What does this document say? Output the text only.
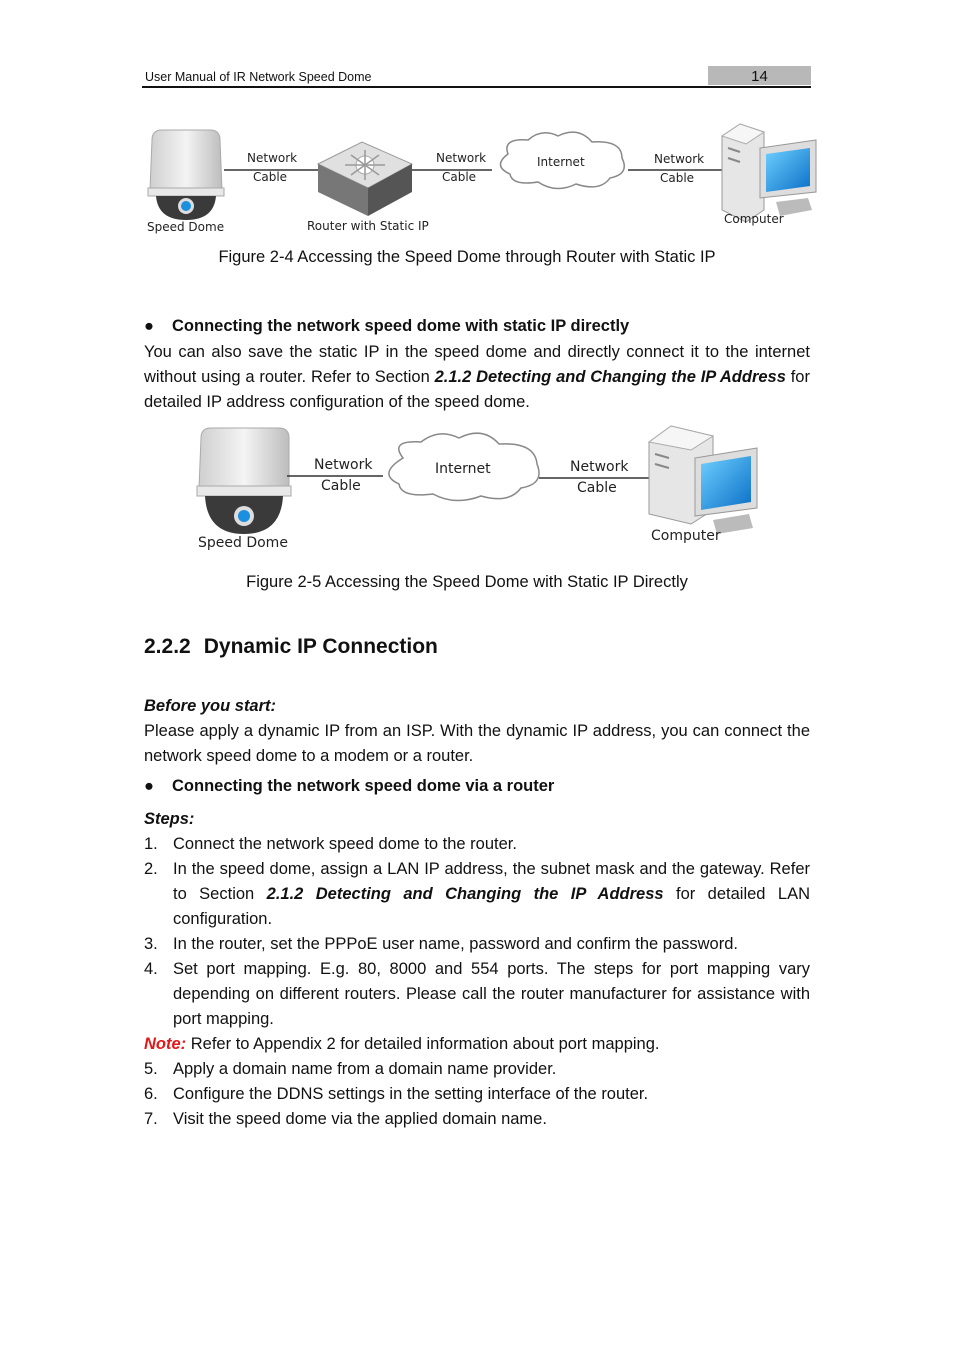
User Manual of IR Network Speed Dome	14
Network
Cable
Network
Cable
Internet	Network
Cable
Speed Dome	Router with Static IP	Computer
Figure 2-4 Accessing the Speed Dome through Router with Static IP
● Connecting the network speed dome with static IP directly
You can also save the static IP in the speed dome and directly connect it to the internet without using a router. Refer to Section 2.1.2 Detecting and Changing the IP Address for detailed IP address configuration of the speed dome.
Network
Cable
Internet	Network
Cable
Speed Dome	Computer
Figure 2-5 Accessing the Speed Dome with Static IP Directly
2.2.2 Dynamic IP Connection
Before you start:
Please apply a dynamic IP from an ISP. With the dynamic IP address, you can connect the network speed dome to a modem or a router.
● Connecting the network speed dome via a router
Steps:
1. Connect the network speed dome to the router.
2. In the speed dome, assign a LAN IP address, the subnet mask and the gateway. Refer to Section 2.1.2 Detecting and Changing the IP Address for detailed LAN configuration.
3. In the router, set the PPPoE user name, password and confirm the password.
4. Set port mapping. E.g. 80, 8000 and 554 ports. The steps for port mapping vary depending on different routers. Please call the router manufacturer for assistance with port mapping.
Note: Refer to Appendix 2 for detailed information about port mapping.
5. Apply a domain name from a domain name provider.
6. Configure the DDNS settings in the setting interface of the router.
7. Visit the speed dome via the applied domain name.
